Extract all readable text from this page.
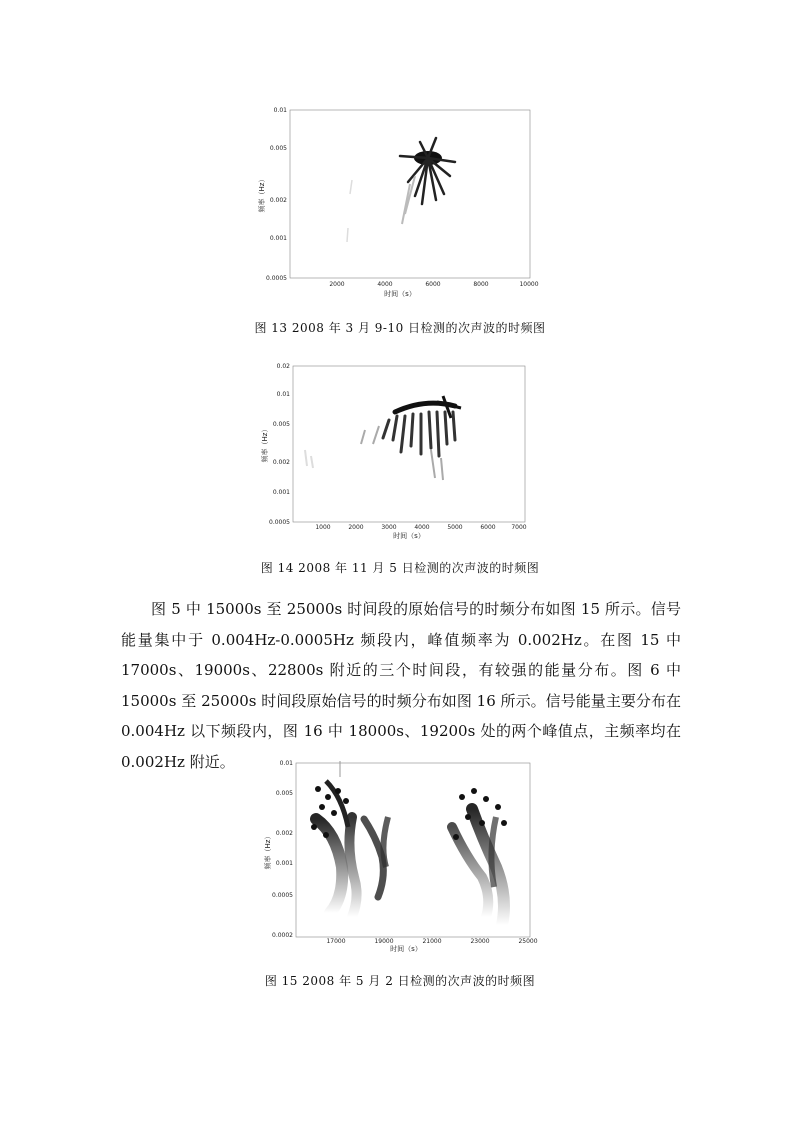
0.01
0.005
0.002
0.001
0.0005
2000	4000	6000	8000	10000
时间（s）
频率（Hz）
图 13 2008 年 3 月 9-10 日检测的次声波的时频图
0.02
0.01
0.005
0.002
0.001
0.0005
1000	2000	3000	4000	5000	6000	7000
时间（s）
频率（Hz）
图 14 2008 年 11 月 5 日检测的次声波的时频图

图 5 中 15000s 至 25000s 时间段的原始信号的时频分布如图 15 所示。信号能量集中于 0.004Hz-0.0005Hz 频段内，峰值频率为 0.002Hz。在图 15 中 17000s、19000s、22800s 附近的三个时间段，有较强的能量分布。图 6 中 15000s 至 25000s 时间段原始信号的时频分布如图 16 所示。信号能量主要分布在 0.004Hz 以下频段内，图 16 中 18000s、19200s 处的两个峰值点，主频率均在 0.002Hz 附近。	0.01
0.005
0.002
0.001
0.0005
0.0002
17000	19000	21000	23000	25000
时间（s）
频率（Hz）
图 15 2008 年 5 月 2 日检测的次声波的时频图
